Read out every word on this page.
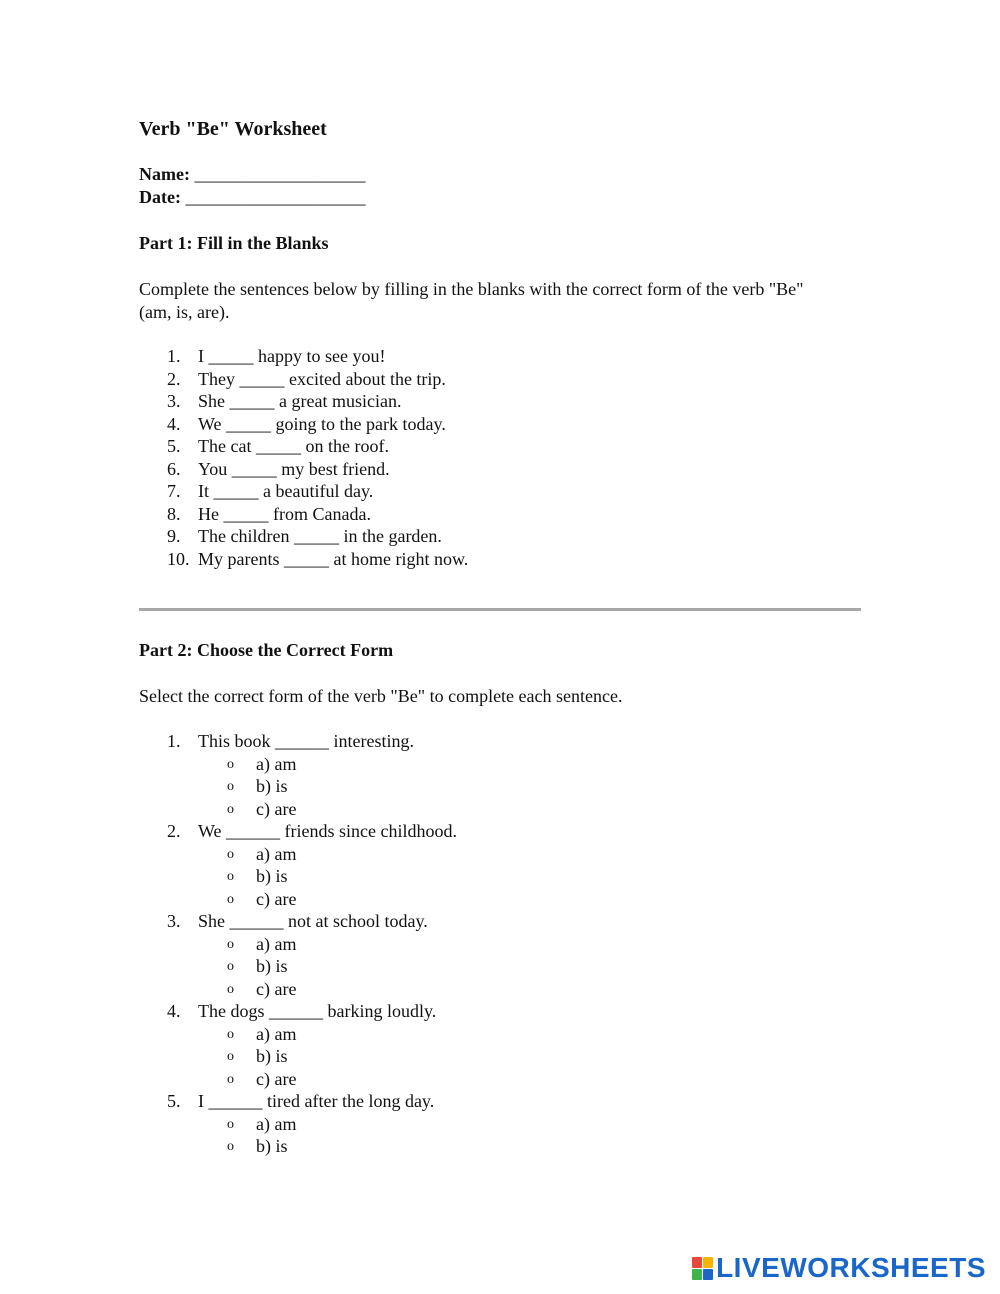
Verb "Be" Worksheet
Name: ___________________
Date: ____________________
Part 1: Fill in the Blanks
Complete the sentences below by filling in the blanks with the correct form of the verb "Be" (am, is, are).
1. I _____ happy to see you!
2. They _____ excited about the trip.
3. She _____ a great musician.
4. We _____ going to the park today.
5. The cat _____ on the roof.
6. You _____ my best friend.
7. It _____ a beautiful day.
8. He _____ from Canada.
9. The children _____ in the garden.
10. My parents _____ at home right now.
Part 2: Choose the Correct Form
Select the correct form of the verb "Be" to complete each sentence.
1. This book ______ interesting.
o a) am
o b) is
o c) are
2. We ______ friends since childhood.
o a) am
o b) is
o c) are
3. She ______ not at school today.
o a) am
o b) is
o c) are
4. The dogs ______ barking loudly.
o a) am
o b) is
o c) are
5. I ______ tired after the long day.
o a) am
o b) is
LIVEWORKSHEETS
